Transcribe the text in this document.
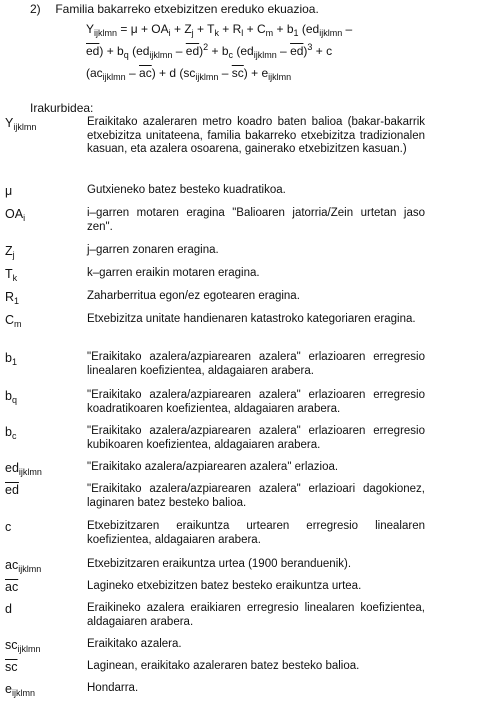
2) Familia bakarreko etxebizitzen ereduko ekuazioa.
$Y_{ijklmn} = \mu + OA_i + Z_j + T_k + R_l + C_m + b_1$ ($ed_{ijklmn}$ –
$\overline{ed}) + b_q$ $(ed_{ijklmn} - \overline{ed})^2 + b_c$ $(ed_{ijklmn} - \overline{ed})^3 + c$
$(ac_{ijklmn} - \overline{ac}) + d$ $(sc_{ijklmn} - \overline{sc}) + e_{ijklmn}$
Irakurbidea:
$Y_{ijklmn}$	Eraikitako azaleraren metro koadro baten balioa (bakar-bakarrik etxebizitza unitateena, familia bakarreko etxebizitza tradizionalen kasuan, eta azalera osoarena, gainerako etxebizitzen kasuan.)
μ	Gutxieneko batez besteko kuadratikoa.
$OA_i$	i–garren motaren eragina "Balioaren jatorria/Zein urtetan jaso zen".
$Z_j$	j–garren zonaren eragina.
$T_k$	k–garren eraikin motaren eragina.
$R_1$	Zaharberritua egon/ez egotearen eragina.
$C_m$	Etxebizitza unitate handienaren katastroko kategoriaren eragina.
$b_1$	"Eraikitako azalera/azpiarearen azalera" erlazioaren erregresio linealaren koefizientea, aldagaiaren arabera.
$b_q$	"Eraikitako azalera/azpiarearen azalera" erlazioaren erregresio koadratikoaren koefizientea, aldagaiaren arabera.
$b_c$	"Eraikitako azalera/azpiarearen azalera" erlazioaren erregresio kubikoaren koefizientea, aldagaiaren arabera.
$ed_{ijklmn}$	"Eraikitako azalera/azpiarearen azalera" erlazioa.
$\overline{ed}$	"Eraikitako azalera/azpiarearen azalera" erlazioari dagokionez, laginaren batez besteko balioa.
c	Etxebizitzaren eraikuntza urtearen erregresio linealaren koefizientea, aldagaiaren arabera.
$ac_{ijklmn}$	Etxebizitzaren eraikuntza urtea (1900 beranduenik).
$\overline{ac}$	Lagineko etxebizitzen batez besteko eraikuntza urtea.
d	Eraikineko azalera eraikiaren erregresio linealaren koefizientea, aldagaiaren arabera.
$sc_{ijklmn}$	Eraikitako azalera.
$\overline{sc}$	Laginean, eraikitako azaleraren batez besteko balioa.
$e_{ijklmn}$	Hondarra.
